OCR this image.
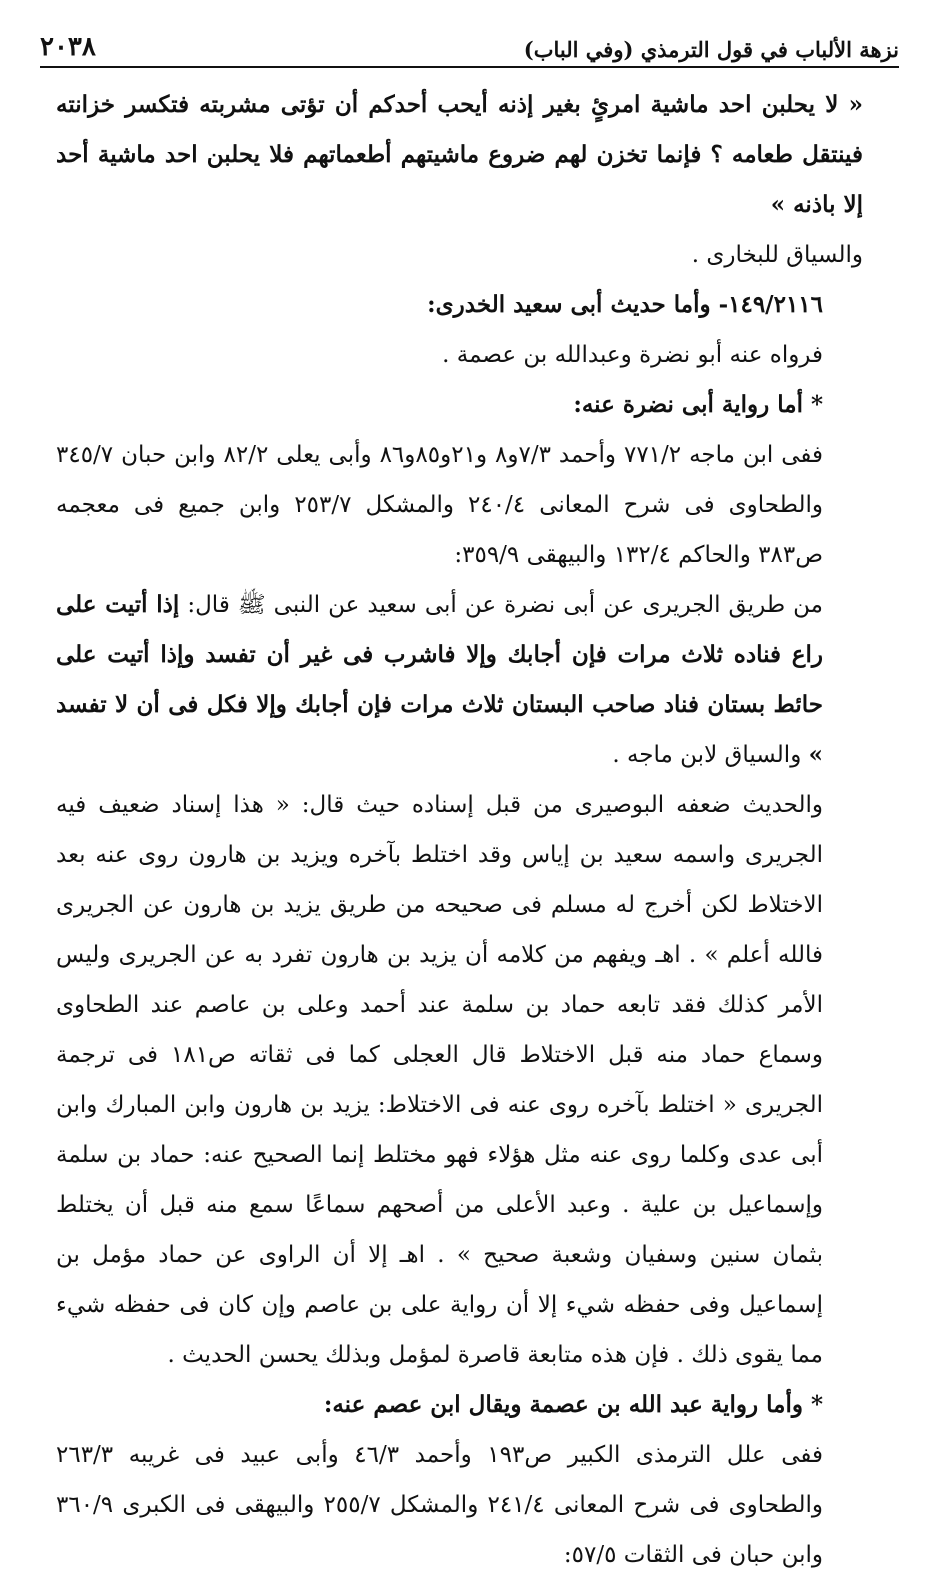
نزهة الألباب في قول الترمذي (وفي الباب)
٢٠٣٨

« لا يحلبن احد ماشية امرئٍ بغير إذنه أيحب أحدكم أن تؤتى مشربته فتكسر خزانته فينتقل طعامه ؟ فإنما تخزن لهم ضروع ماشيتهم أطعماتهم فلا يحلبن احد ماشية أحد إلا باذنه »

والسياق للبخارى .

١٤٩/٢١١٦- وأما حديث أبى سعيد الخدرى:

فرواه عنه أبو نضرة وعبدالله بن عصمة .

* أما رواية أبى نضرة عنه:

ففى ابن ماجه ٧٧١/٢ وأحمد ٧/٣و٨ و٢١و٨٥و٨٦ وأبى يعلى ٨٢/٢ وابن حبان ٣٤٥/٧ والطحاوى فى شرح المعانى ٢٤٠/٤ والمشكل ٢٥٣/٧ وابن جميع فى معجمه ص٣٨٣ والحاكم ١٣٢/٤ والبيهقى ٣٥٩/٩:

من طريق الجريرى عن أبى نضرة عن أبى سعيد عن النبى ﷺ قال: إذا أتيت على راع فناده ثلاث مرات فإن أجابك وإلا فاشرب فى غير أن تفسد وإذا أتيت على حائط بستان فناد صاحب البستان ثلاث مرات فإن أجابك وإلا فكل فى أن لا تفسد » والسياق لابن ماجه .

والحديث ضعفه البوصيرى من قبل إسناده حيث قال: « هذا إسناد ضعيف فيه الجريرى واسمه سعيد بن إياس وقد اختلط بآخره ويزيد بن هارون روى عنه بعد الاختلاط لكن أخرج له مسلم فى صحيحه من طريق يزيد بن هارون عن الجريرى فالله أعلم » . اهـ ويفهم من كلامه أن يزيد بن هارون تفرد به عن الجريرى وليس الأمر كذلك فقد تابعه حماد بن سلمة عند أحمد وعلى بن عاصم عند الطحاوى وسماع حماد منه قبل الاختلاط قال العجلى كما فى ثقاته ص١٨١ فى ترجمة الجريرى « اختلط بآخره روى عنه فى الاختلاط: يزيد بن هارون وابن المبارك وابن أبى عدى وكلما روى عنه مثل هؤلاء فهو مختلط إنما الصحيح عنه: حماد بن سلمة وإسماعيل بن علية . وعبد الأعلى من أصحهم سماعًا سمع منه قبل أن يختلط بثمان سنين وسفيان وشعبة صحيح » . اهـ إلا أن الراوى عن حماد مؤمل بن إسماعيل وفى حفظه شيء إلا أن رواية على بن عاصم وإن كان فى حفظه شيء مما يقوى ذلك . فإن هذه متابعة قاصرة لمؤمل وبذلك يحسن الحديث .

* وأما رواية عبد الله بن عصمة ويقال ابن عصم عنه:

ففى علل الترمذى الكبير ص١٩٣ وأحمد ٤٦/٣ وأبى عبيد فى غريبه ٢٦٣/٣ والطحاوى فى شرح المعانى ٢٤١/٤ والمشكل ٢٥٥/٧ والبيهقى فى الكبرى ٣٦٠/٩ وابن حبان فى الثقات ٥٧/٥:
